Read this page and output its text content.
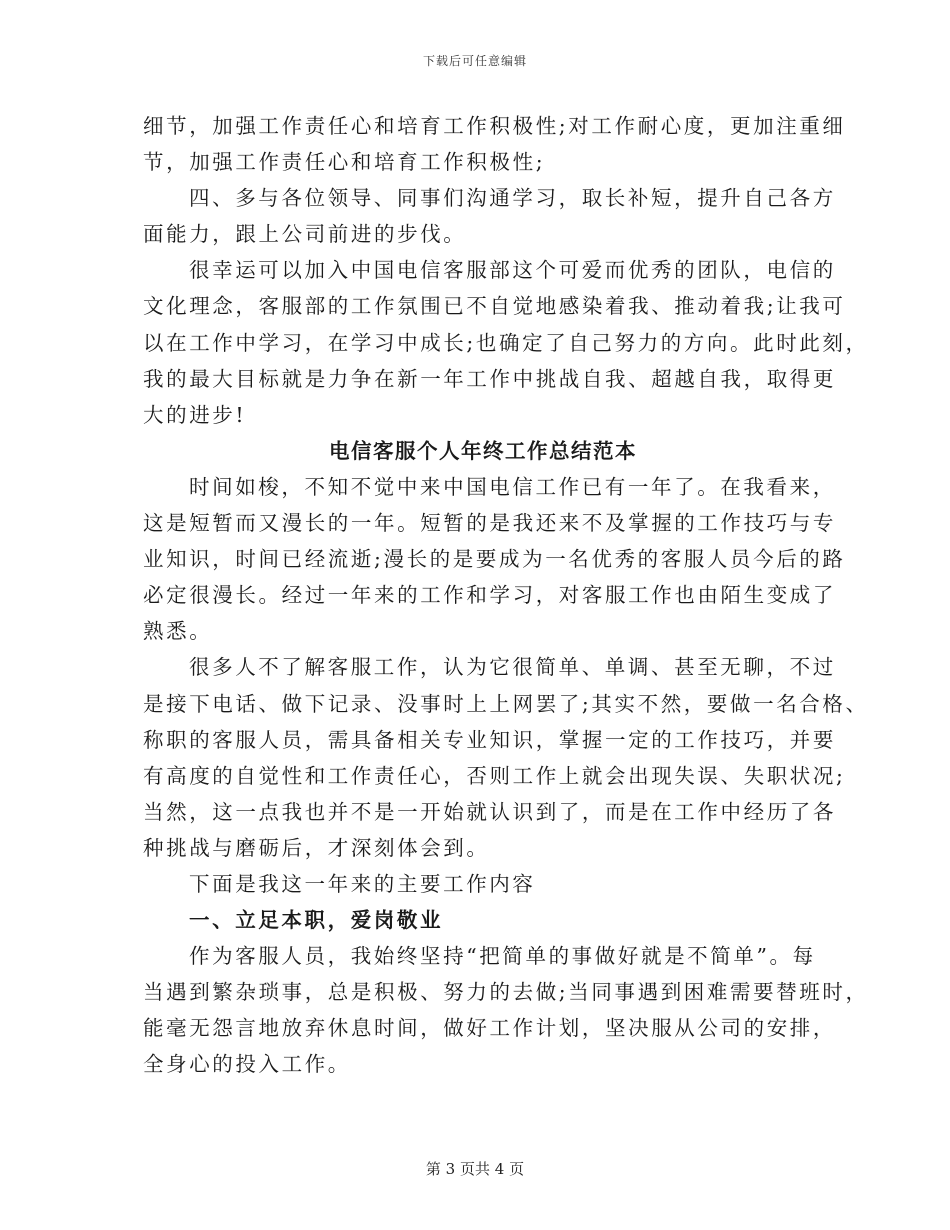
下载后可任意编辑
细节，加强工作责任心和培育工作积极性;对工作耐心度，更加注重细
节，加强工作责任心和培育工作积极性;
四、多与各位领导、同事们沟通学习，取长补短，提升自己各方
面能力，跟上公司前进的步伐。
很幸运可以加入中国电信客服部这个可爱而优秀的团队，电信的
文化理念，客服部的工作氛围已不自觉地感染着我、推动着我;让我可
以在工作中学习，在学习中成长;也确定了自己努力的方向。此时此刻，
我的最大目标就是力争在新一年工作中挑战自我、超越自我，取得更
大的进步!
电信客服个人年终工作总结范本
时间如梭，不知不觉中来中国电信工作已有一年了。在我看来，
这是短暂而又漫长的一年。短暂的是我还来不及掌握的工作技巧与专
业知识，时间已经流逝;漫长的是要成为一名优秀的客服人员今后的路
必定很漫长。经过一年来的工作和学习，对客服工作也由陌生变成了
熟悉。
很多人不了解客服工作，认为它很简单、单调、甚至无聊，不过
是接下电话、做下记录、没事时上上网罢了;其实不然，要做一名合格、
称职的客服人员，需具备相关专业知识，掌握一定的工作技巧，并要
有高度的自觉性和工作责任心，否则工作上就会出现失误、失职状况;
当然，这一点我也并不是一开始就认识到了，而是在工作中经历了各
种挑战与磨砺后，才深刻体会到。
下面是我这一年来的主要工作内容
一、立足本职，爱岗敬业
作为客服人员，我始终坚持“把简单的事做好就是不简单”。每
当遇到繁杂琐事，总是积极、努力的去做;当同事遇到困难需要替班时，
能毫无怨言地放弃休息时间，做好工作计划，坚决服从公司的安排，
全身心的投入工作。
第 3 页共 4 页
